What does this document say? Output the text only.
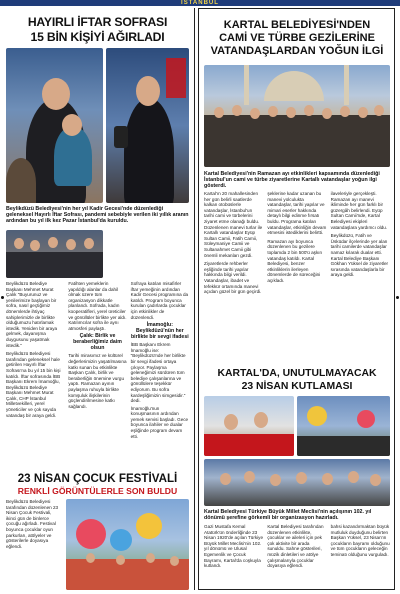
İSTANBUL
HAYIRLI İFTAR SOFRASI
15 BİN KİŞİYİ AĞIRLADI
Beylikdüzü Belediyesi'nin her yıl Kadir Gecesi'nde düzenlediği geleneksel Hayırlı İftar Sofrası, pandemi sebebiyle verilen iki yıllık aranın ardından bu yıl ilk kez Pazar İstanbul'da kuruldu.

Beylikdüzü Belediye Başkanı Mehmet Murat Çalık "Buyurunuz ve yenilerimize başlayan bir sofra, nasıl geçtiğimiz dönemlerde ihtiyaç sahiplerimizle de birlikte olduğumuzu hatırlamak istedik. Yeniden bir araya gelmek, dayanışma duygusunu yaşatmak istedik."

Beylikdüzü Belediyesi tarafından geleneksel hale getirilen Hayırlı İftar Sofrası'na bu yıl 15 bin kişi katıldı. İftar sofrasında İBB Başkanı Ekrem İmamoğlu, Beylikdüzü Belediye Başkanı Mehmet Murat Çalık, CHP İstanbul Milletvekilleri, yerel yöneticiler ve çok sayıda vatandaş bir araya geldi.

Fatihten yemeklerin yapıldığı alanlar da dahil olmak üzere tüm organizasyon dikkatle planlandı. Sofrada, kadın kooperatifleri, yerel üreticiler ve gönüllüler birlikte yer aldı. Katılımcılar sofra ile aynı atmosferi paylaştı.

Çalık: Birlik ve beraberliğimiz daim olsun

Tarihi mirasımız ve kültürel değerlerimizin yaşatılmasına katkı sunan bu etkinlikte Başkan Çalık, birlik ve beraberliğin önemine vurgu yaptı. Ramazan ayının paylaşma ruhuyla birlikte komşuluk ilişkilerinin güçlendirilmesine katkı sağlandı.

Sofraya katılan misafirler iftar yemeğinin ardından Kadir Gecesi programına da katıldı. Program boyunca kurulan çadırlarda çocuklar için etkinlikler de düzenlendi.

İmamoğlu: Beylikdüzü'nün her birlikte bir sevgi ifadesi

İBB Başkanı Ekrem İmamoğlu ise: "Beylikdüzü'nde her birlikte bir sevgi ifadesi ortaya çıkıyor. Paylaşma geleneğimizi sürdüren tüm belediye çalışanlarına ve gönüllülere teşekkür ediyorum. Bu sofra kardeşliğimizin simgesidir." dedi.

İmamoğlu'nun konuşmasının ardından yemek servisi başladı. Gece boyunca ilahiler ve dualar eşliğinde program devam etti.

23 NİSAN ÇOCUK FESTİVALİ
RENKLİ GÖRÜNTÜLERLE SON BULDU

Beylikdüzü Belediyesi tarafından düzenlenen 23 Nisan Çocuk Festivali, ikinci gün de binlerce çocuğu ağırladı. Festival boyunca çocuklar oyun parkurları, atölyeler ve gösterilerle doyasıya eğlendi.

KARTAL BELEDİYESİ'NDEN
CAMİ VE TÜRBE GEZİLERİNE
VATANDAŞLARDAN YOĞUN İLGİ
Kartal Belediyesi'nin Ramazan ayı etkinlikleri kapsamında düzenlediği İstanbul'un cami ve türbe ziyaretlerine Kartallı vatandaşlar yoğun ilgi gösterdi.

Kartal'ın 20 mahallesinden her gün belirli saatlerde kalkan otobüslerle vatandaşlar, İstanbul'un tarihi cami ve türbelerini ziyaret etme olanağı buldu. Düzenlenen manevi turlar ile Kartallı vatandaşlar Eyüp Sultan Camii, Fatih Camii, Süleymaniye Camii ve Sultanahmet Camii gibi önemli mekanları gezdi.

Ziyaretlerde rehberler eşliğinde tarihi yapılar hakkında bilgi verildi. Vatandaşlar, ibadet ve tefekkür ortamında manevi açıdan güzel bir gün geçirdi.

şeklerine kadar uzanan bu manevi yolculukta vatandaşlar, tarihi yapılar ve mimari eserler hakkında detaylı bilgi edinme fırsatı buldu. Programa katılan vatandaşlar, etkinliğin devam etmesini istediklerini belirtti.

Ramazan ayı boyunca düzenlenen bu gezilere toplamda 2 bin 500'ü aşkın vatandaş katıldı. Kartal Belediyesi, benzer etkinliklerin ilerleyen dönemlerde de süreceğini açıkladı.

ilaveleriyle gerçekleşti. Ramazan ayı manevi ikliminde her gün farklı bir güzergâh belirlendi. Eyüp Sultan Camii'nde, Kartal Belediyesi ekipleri vatandaşlara yardımcı oldu.

Beylikdüzü, Fatih ve Üsküdar ilçelerinde yer alan tarihi camilerde vatandaşlar namaz kılarak dualar etti. Kartal Belediye Başkanı Gökhan Yüksel de ziyaretler sırasında vatandaşlarla bir araya geldi.

KARTAL'DA, UNUTULMAYACAK
23 NİSAN KUTLAMASI
Kartal Belediyesi Türkiye Büyük Millet Meclisi'nin açılışının 102. yıl dönümü şerefine görkemli bir organizasyon hazırladı.

Gazi Mustafa Kemal Atatürk'ün önderliğinde 23 Nisan 1920'de açılan Türkiye Büyük Millet Meclisi'nin 102. yıl dönümü ve Ulusal Egemenlik ve Çocuk Bayramı, Kartal'da coşkuyla kutlandı.

Kartal Belediyesi tarafından düzenlenen etkinlikte, çocuklar ve aileleri için pek çok aktivite bir arada sunuldu. Sahne gösterileri, müzik dinletileri ve atölye çalışmalarıyla çocuklar doyasıya eğlendi.

bahsi kazandırmaktan büyük mutluluk duyduğunu belirten Başkan Yüksel, 23 Nisan'ın çocukların bayramı olduğunu ve tüm çocukların geleceğin teminatı olduğunu vurguladı.
